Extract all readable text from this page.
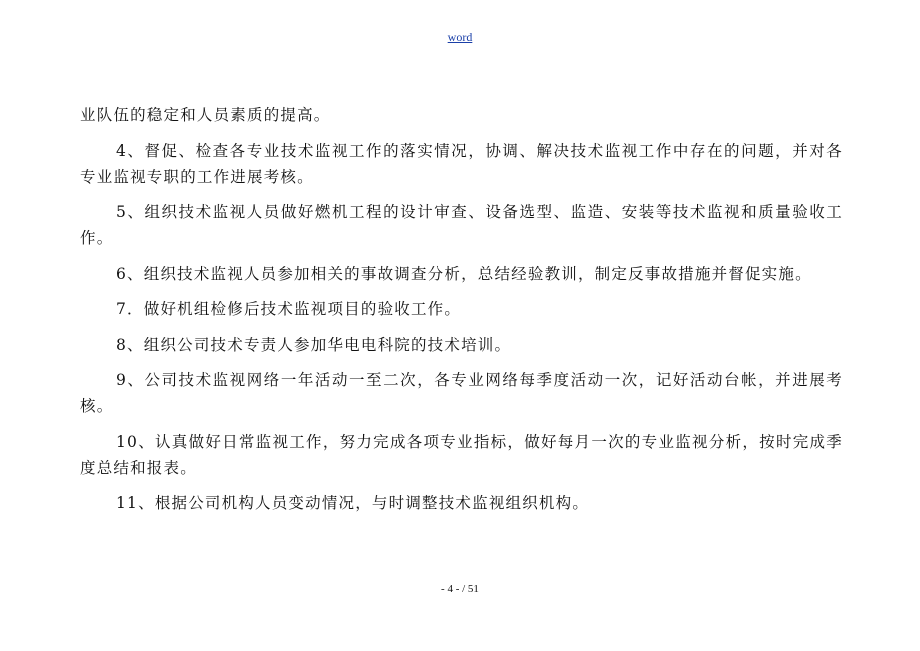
word

业队伍的稳定和人员素质的提高。

4、督促、检查各专业技术监视工作的落实情况，协调、解决技术监视工作中存在的问题，并对各专业监视专职的工作进展考核。

5、组织技术监视人员做好燃机工程的设计审查、设备选型、监造、安装等技术监视和质量验收工作。

6、组织技术监视人员参加相关的事故调查分析，总结经验教训，制定反事故措施并督促实施。

7．做好机组检修后技术监视项目的验收工作。

8、组织公司技术专责人参加华电电科院的技术培训。

9、公司技术监视网络一年活动一至二次，各专业网络每季度活动一次，记好活动台帐，并进展考核。

10、认真做好日常监视工作，努力完成各项专业指标，做好每月一次的专业监视分析，按时完成季度总结和报表。

11、根据公司机构人员变动情况，与时调整技术监视组织机构。

- 4 - / 51
